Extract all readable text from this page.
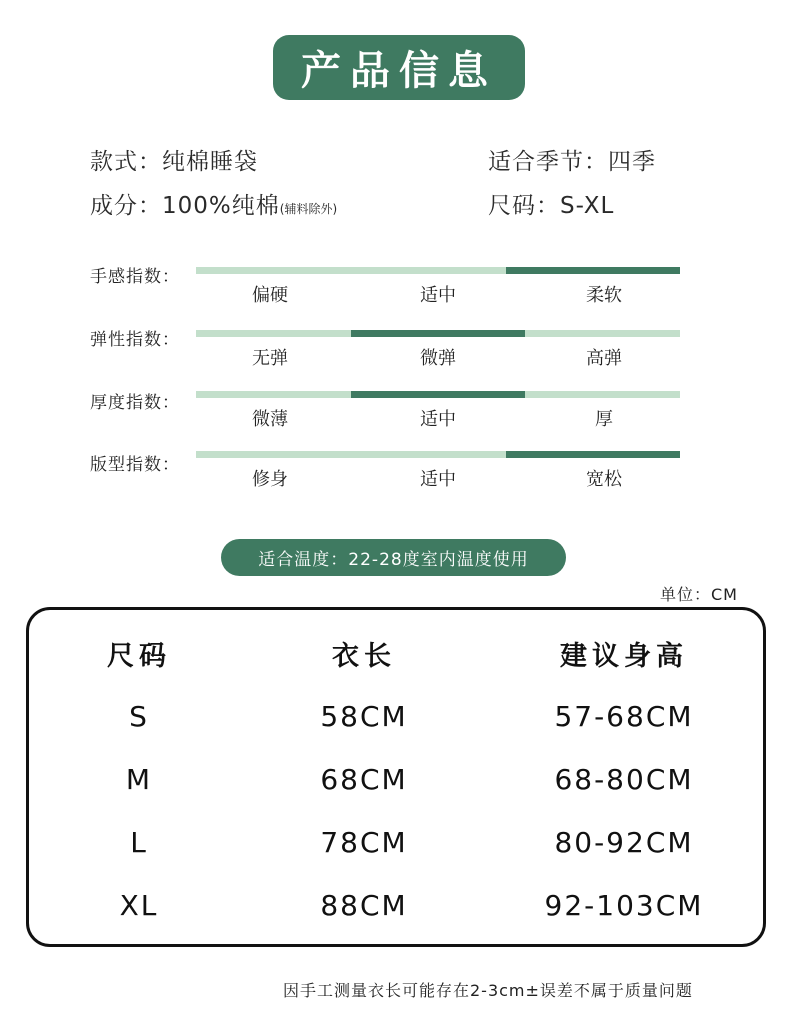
产品信息
款式：纯棉睡袋	适合季节：四季
成分：100%纯棉(辅料除外)	尺码：S-XL
手感指数：
偏硬	适中	柔软
弹性指数：
无弹	微弹	高弹
厚度指数：
微薄	适中	厚
版型指数：
修身	适中	宽松
适合温度：22-28度室内温度使用
单位：CM
尺码	衣长	建议身高
S	58CM	57-68CM
M	68CM	68-80CM
L	78CM	80-92CM
XL	88CM	92-103CM
因手工测量衣长可能存在2-3cm±误差不属于质量问题
